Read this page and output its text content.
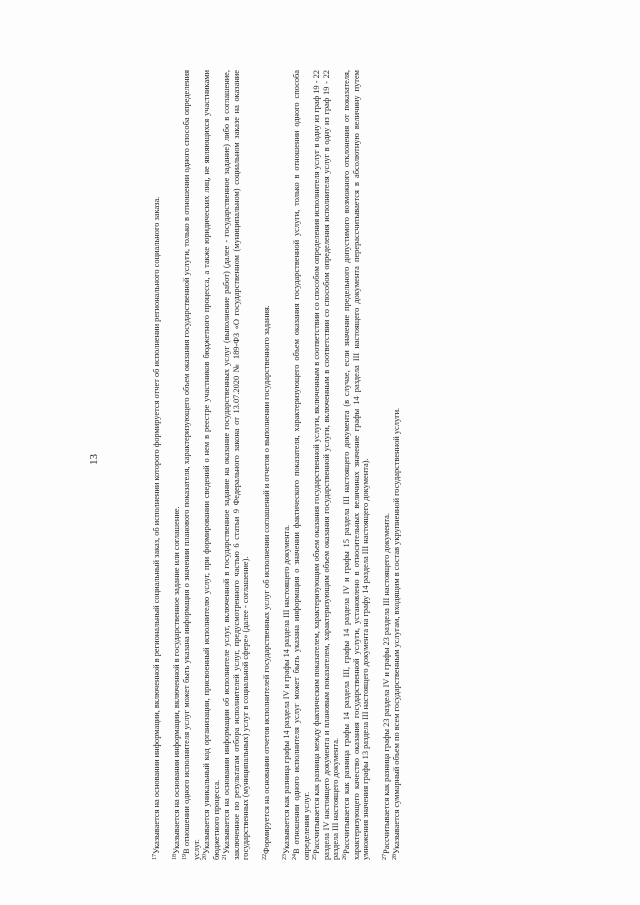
13
$^{17}$Указывается на основании информации, включенной в региональный социальный заказ, об исполнении которого формируется отчет об исполнении регионального социального заказа.
$^{18}$Указывается на основании информации, включенной в государственное задание или соглашение.
$^{19}$В отношении одного исполнителя услуг может быть указана информация о значении планового показателя, характеризующего объем оказания государственной услуги, только в отношении одного способа определения услуг. $^{20}$Указывается уникальный код организации, присвоенный исполнителю услуг, при формировании сведений о нем в реестре участников бюджетного процесса, а также юридических лиц, не являющихся участниками бюджетного процесса. $^{21}$Указывается на основании информации об исполнителе услуг, включенной в государственное задание на оказание государственных услуг (выполнение работ) (далее - государственное задание) либо в соглашение, заключенное по результатам отбора исполнителей услуг, предусмотренного частью 6 статьи 9 Федерального закона от 13.07.2020 № 189-ФЗ «О государственном (муниципальном) социальном заказе на оказание государственных (муниципальных) услуг в социальной сфере» (далее - соглашение). $^{22}$Формируется на основании отчетов исполнителей государственных услуг об исполнении соглашений и отчетов о выполнении государственного задания.
$^{23}$Указывается как разница графы 14 раздела IV и графы 14 раздела III настоящего документа.
$^{24}$В отношении одного исполнителя услуг может быть указана информация о значении фактического показателя, характеризующего объем оказания государственной услуги, только в отношении одного способа определения услуг. $^{25}$Рассчитывается как разница между фактическим показателем, характеризующим объем оказания государственной услуги, включенным в соответствии со способом определения исполнителя услуг в одну из граф 19 - 22 раздела IV настоящего документа и плановым показателем, характеризующим объем оказания государственной услуги, включенным в соответствии со способом определения исполнителя услуг в одну из граф 19 - 22 раздела III настоящего документа. $^{26}$Рассчитывается как разница графы 14 раздела III, графы 14 раздела IV и графы 15 раздела III настоящего документа (в случае, если значение предельного допустимого возможного отклонения от показателя, характеризующего качество оказания государственной услуги, установлено в относительных величинах значение графы 14 раздела III настоящего документа перерассчитывается в абсолютную величину путем умножения значения графы 13 раздела III настоящего документа на графу 14 раздела III настоящего документа). $^{27}$Рассчитывается как разница графы 23 раздела IV и графы 23 раздела III настоящего документа.
$^{28}$Указывается суммарный объем по всем государственным услугам, входящим в состав укрупненной государственной услуги.
